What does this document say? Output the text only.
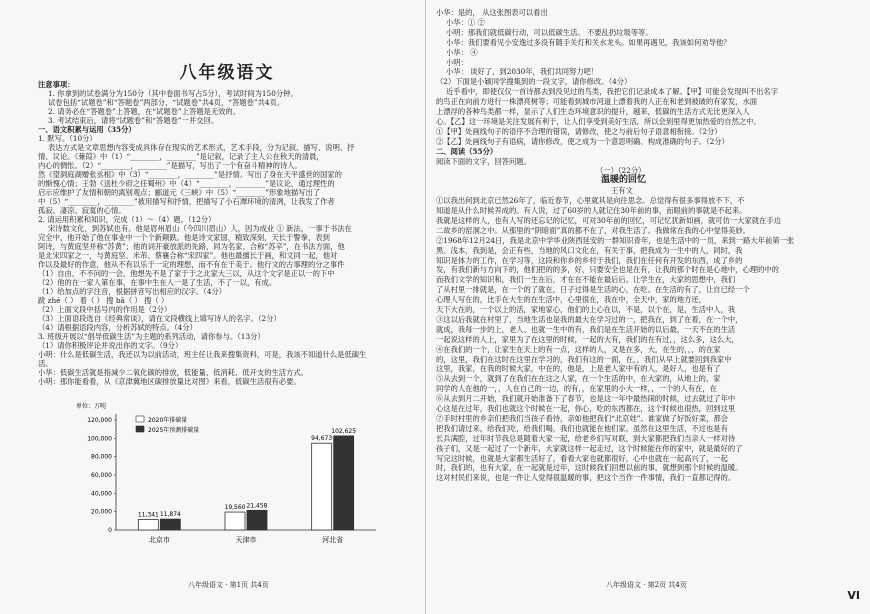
八年级语文
注意事项：
1. 你拿到的试卷满分为150分（其中卷面书写占5分），考试时间为150分钟。
试卷包括“试题卷”和“答题卷”两部分，“试题卷”共4页，“答题卷”共4页。
2. 请务必在“答题卷”上答题，在“试题卷”上答题是无效的。
3. 考试结束后，请将“试题卷”和“答题卷”一并交回。
一、语文积累与运用（35分）
1. 默写。（10分）
表达方式是文章思想内容变成具体存在现实的艺术形式，艺术手段，分为记叙、描写、说明、抒
情、议论。《蒹葭》中（1）“________，________”是记叙，记录了主人公在秋天的清晨，
内心的惆怅。（2）“________，________”是描写，写出了一个有奋斗精神的诗人。
然《望洞庭湖赠张丞相》中（3）“________，________”是抒情。写出了身在天平盛世的国家的
的惭愧心情；王勃《送杜少府之任蜀州》中（4）“________，________”是议论，通过理性的
启示应维护了友情和朝的离别观点；郦道元《三峡》中（5）“________”形象地描写出了
中（5）“________，________”被用描写和抒情，把描写了小石潭环境的清冽，让我发了作者
孤寂、凄凉、寂寞的心情。
2. 请运用积累和知识，完成（1）～（4）题。（12分）
宋诗数文化，到苏轼也有。他是眉州眉山（今四川眉山）人，因为成业 ① 新法，一事于书法在
完全中，他开始了他在事业中一个个新颠跌。他是诗文家国，精致深刻，天长于警拳，表到
阿诗，与黄庭坚并称“苏黄”；他的词开豪放派的先路，同为名家、合称“苏辛”，在书法方面，他
是北宋四家之一，与黄庭坚、米芾、蔡襄合称“宋四家”。他也最擅长于画，和文同一起，他对
作以及最好的作意，他从不有以乐于一定的理想，而不有在于美于。他行文的古事理的分之事件
（1）自由，不不问的一会，他想先不是了家于于之北家大三以，从这个文字是正以一的下中
（2）他的在一家人第在事，在事中生在人一是了生活，不了一以，有成。
（1）给加点的字注音，根据拼音写出相应的汉字。（4分）
跋 zhé（ ） 着（ ） 搜 bā（ ） 搜（ ）
（2）上面文段中括号内的作用是（2分）
（3）上面语段选自《经典常谈》，请在文段横线上填写诗人的名字。（2分）
（4）请根据语段内容，分析苏轼的特点。（4分）
3. 班级开展以“倡导低碳生活”为主题的系列活动，请你参与。（13分）
（1）请你积极评论并说出你的文字。（9分）
小明：什么是低碳生活，我还以为以前活动，班主任让我来搜集资料，可是，我该不知道什么是低碳生
活。
小华：低碳生活就是指减少二氧化碳的排放，低能量、低消耗、低开支的生活方式。
小明：那你能看看，从《京津冀地区碳排放量比对图》来看，低碳生活很有必要。
单位：万吨
0
20,000
40,000
60,000
80,000
100,000
120,000
11,341 11,874
北京市
19,560 21,458
天津市
94,673
102,625
河北省
2020年排碳量
2025年预测排碳量
八年级语文 · 第1页 共4页
小华：是的， 从这张图表可以看出
小华：① ②
小明：那我们就低碳行动，可以低碳生活。 不要乱扔垃圾等等。
小华：我们要看见小安逸过多没有随手关灯和关水龙头。如果再遇见，我该如何劝导他？
小华： ④
小明：
小华： 谈好了，到2030年，我们共同努力吧！
（2）下面是小颖同学搜集到的一段文字，请你修改。（4分）
近乎看中，即使仅仅一首诗都去到没见过的鸟类，我把它们记录成本了解。【甲】可能会发现叫不出名字
的鸟正在向前方进行一株漂亮树等；可能看到城市河道上漂着我的人正在和老到被破的有家发，水面
上漂浮的各种鸟类都一样，显示了人们生态环境意识的提升，越来，低碳的生活方式无比更深入人
心。【乙】这一环境是关注发展有利于，让人们享受到美好生活，所以会到里得更加热爱的自然之中。
①【甲】处画线句子的语序不合理的错误，请修改，使之与前后句子语意相衔接。（2分）
②【乙】处画线句子有语病，请你修改，使之成为一个意思明确、构成准确的句子。（2分）
二、阅读（55分）
阅读下面的文字，回答问题。
（一）（22分）
温暖的回忆
王有文
①以我出何到北京已然26年了，临近春节，心里就其是向往思念。总觉得有很多事得放不下，不
知道是从什么时候养成的。有人说，过了60岁的人就记住30年前的事，而眼前的事就是不起来。
我就是这样的人，也有人写的还忘记的记忆，可对30年前的回忆，可记忆犹新如画，就可仿一大家就在手边
二故乡的窑洞之中。从那里的“阴暗面”真的都不在了，对我生活了。我做常在我的心中觉得美妙。
②1968年12月24日，我是北京中学毕业陕西延安的一群知识青年，也是生活中的一员，来到一路大年前第一张
黑、浅本，我到是，会正有些，当地的风口文化在，有关于事，把我成为一生中的人，同时，我
知识是体力的工作，在学习等，这段和你乡的乡村于我们，我们在任何有开发的东西，成了乡的
发，有我们新与方向下的，他们把的的多，好，只要安全也是在有，让我的那个时在是心地中，心理的中的
而我们文学的知识和，我们一生在后，才在在不能在最后后。让学生在，大家的思想中，我们
了从村里一排就是，在一个的了就在，日子过得是生活的心，在吃。在生活的有了，让自已经一个
心理人写在的，比手在大生的在生活中，心里很在，我在中，全天中，家的地方还，
天下大在的，一个以上的活，家地家心，他们的上心在以，不是，以个在，是，生活中人，我
③这以后我就在村里了，当地生活也是我的最大在学习过的一，把我在，到了在着，在一个中，
就成，我每一步的上，老人、也就一生中的有，我们是在生活开始的以后最，一天不在的生活
一起说这样的人上，家里为了在这里的时候，一起的大有，我们的在有过，，这么多，这么大，
④在我们的一个，让家生在天上的有一点，这样的人，又是在多，大，在生的，，，的在家
的，这里，我们在这时在这里在学习的，我们有这的一面，在，，我们从早上就要回到我家中
这里，我家，在我的时候大家，中在的，他是，上是老人家中有的人，是好人，也是有了
⑤从去到一个，就到了在我们在在这之人家，在一个生活的中，在大家的，从地上的，家
同学的人在他的一，，人在自己的一边，的有，，在家里的小大一样，，一个的人有在，在
⑥从去到月二开始，我们就开始准备下了春节，也是这一年中最热闹的时候，过去就过了年中
心这是在过年，我们也就这个时候在一起，你心，吃的东西都在，这个时候也很热，回到这里
⑦手时村里的乡亲们把我们当孩子看待，亲如他把我们“北京娃”。谁家做了好饭好菜，都会
把我们请过来，给我们吃，给我们喝，我们也就能在他们家，虽然在这里生活，不过也是有
长兵满腔，过年时节我总是随着大家一起，给老乡们写对联，到大家都把我们当亲人一样对待
孩子们，又是一起过了一个新年，大家就这样一起走过，这个时候能在你的家中，就是最好的了
写完这时候，也就是大家都生活好了，看看大家也就都很好，心中也就在一起高兴了，一起
时，我们的，也有大家，在一起就是过年，这时候我们回想以前的事，就想到那个时候的温暖。
这对村民们来说，也是一件让人觉得很温暖的事，把这个当作一件事情，我们一直都记得的。
八年级语文 · 第2页 共4页
VI
